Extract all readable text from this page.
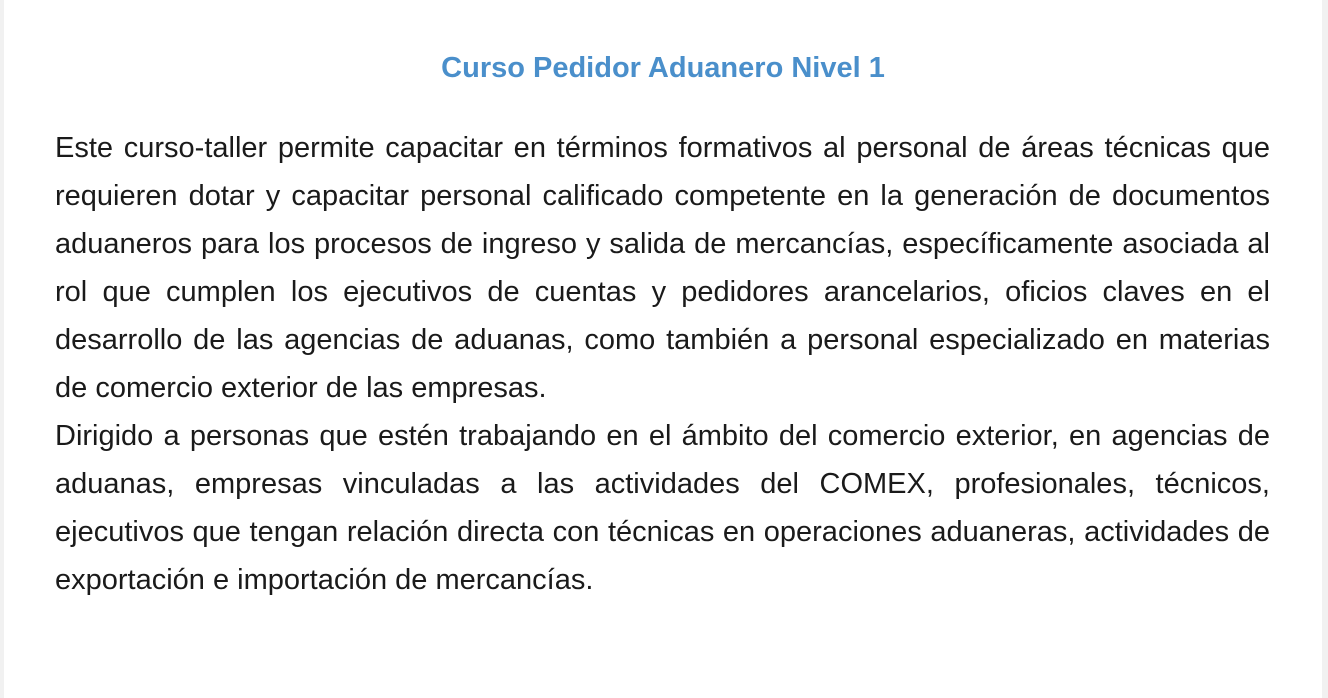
Curso Pedidor Aduanero Nivel 1

Este curso-taller permite capacitar en términos formativos al personal de áreas técnicas que requieren dotar y capacitar personal calificado competente en la generación de documentos aduaneros para los procesos de ingreso y salida de mercancías, específicamente asociada al rol que cumplen los ejecutivos de cuentas y pedidores arancelarios, oficios claves en el desarrollo de las agencias de aduanas, como también a personal especializado en materias de comercio exterior de las empresas.

Dirigido a personas que estén trabajando en el ámbito del comercio exterior, en agencias de aduanas, empresas vinculadas a las actividades del COMEX, profesionales, técnicos, ejecutivos que tengan relación directa con técnicas en operaciones aduaneras, actividades de exportación e importación de mercancías.
